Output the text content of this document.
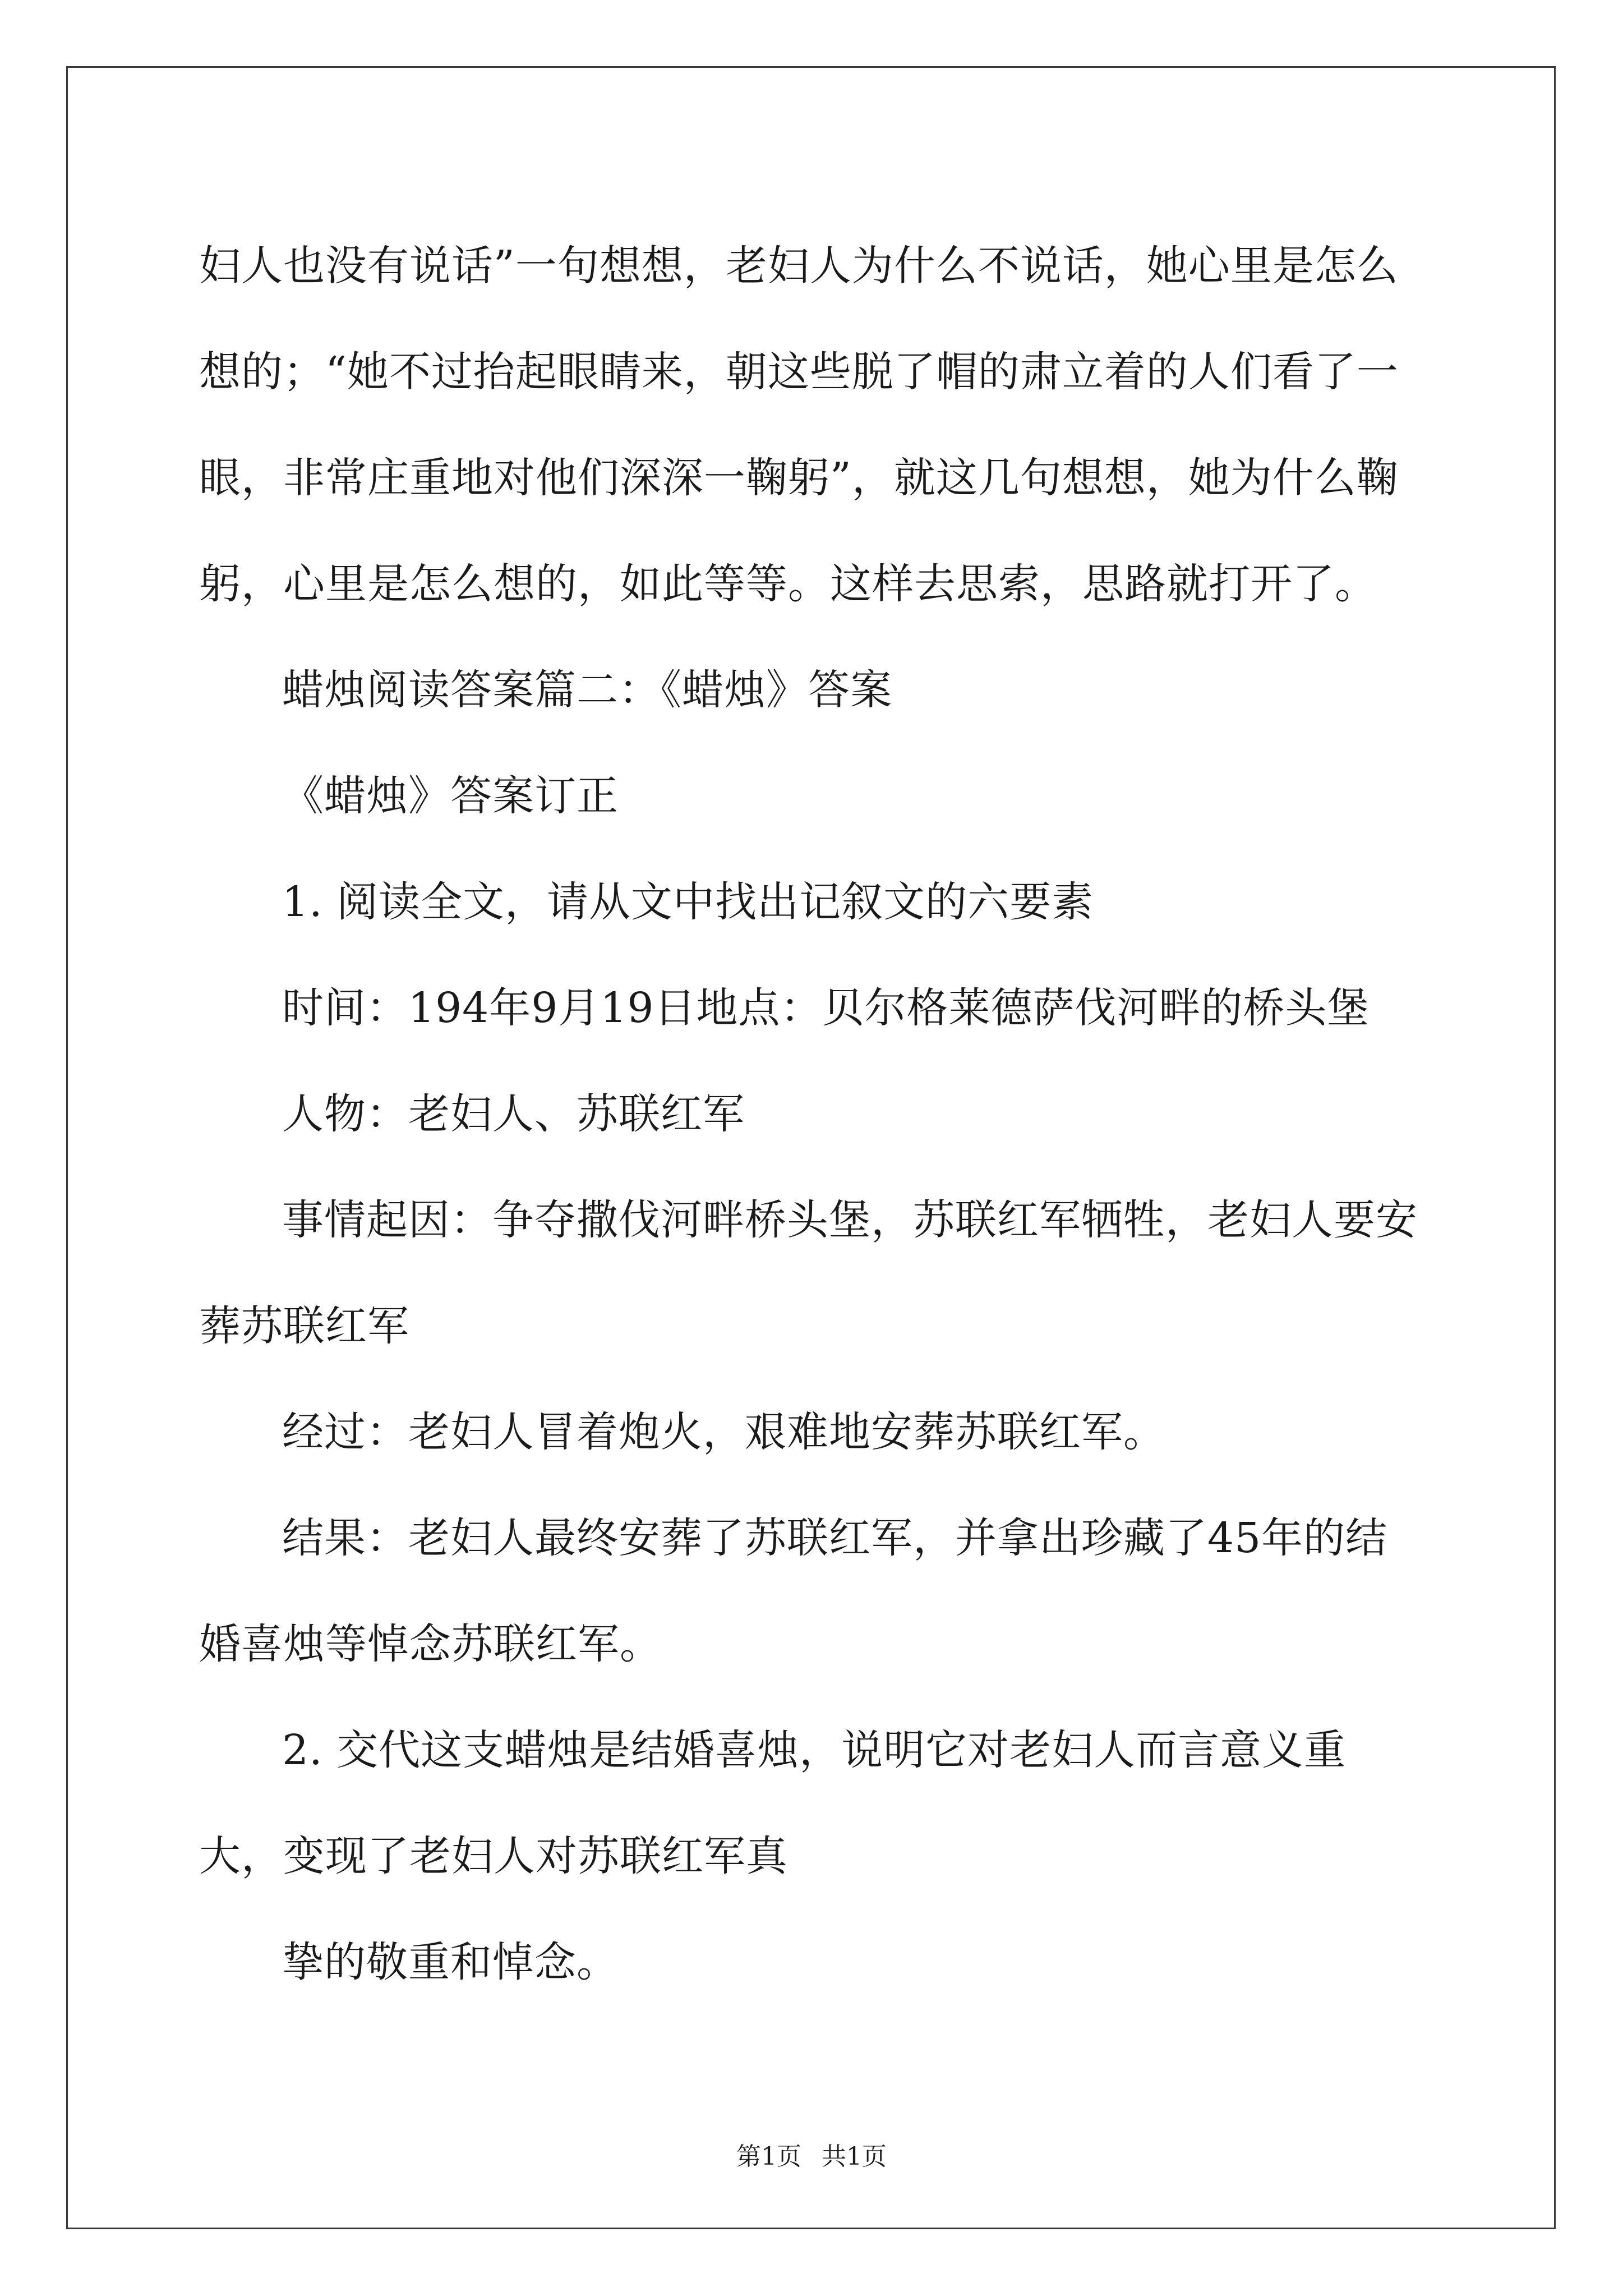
妇人也没有说话”一句想想，老妇人为什么不说话，她心里是怎么想的；“她不过抬起眼睛来，朝这些脱了帽的肃立着的人们看了一眼，非常庄重地对他们深深一鞠躬”，就这几句想想，她为什么鞠躬，心里是怎么想的，如此等等。这样去思索，思路就打开了。

蜡烛阅读答案篇二：《蜡烛》答案

《蜡烛》答案订正

1. 阅读全文，请从文中找出记叙文的六要素

时间：194年9月19日地点：贝尔格莱德萨伐河畔的桥头堡

人物：老妇人、苏联红军

事情起因：争夺撒伐河畔桥头堡，苏联红军牺牲，老妇人要安葬苏联红军

经过：老妇人冒着炮火，艰难地安葬苏联红军。

结果：老妇人最终安葬了苏联红军，并拿出珍藏了45年的结婚喜烛等悼念苏联红军。

2. 交代这支蜡烛是结婚喜烛，说明它对老妇人而言意义重大，变现了老妇人对苏联红军真

挚的敬重和悼念。

第1页 共1页
